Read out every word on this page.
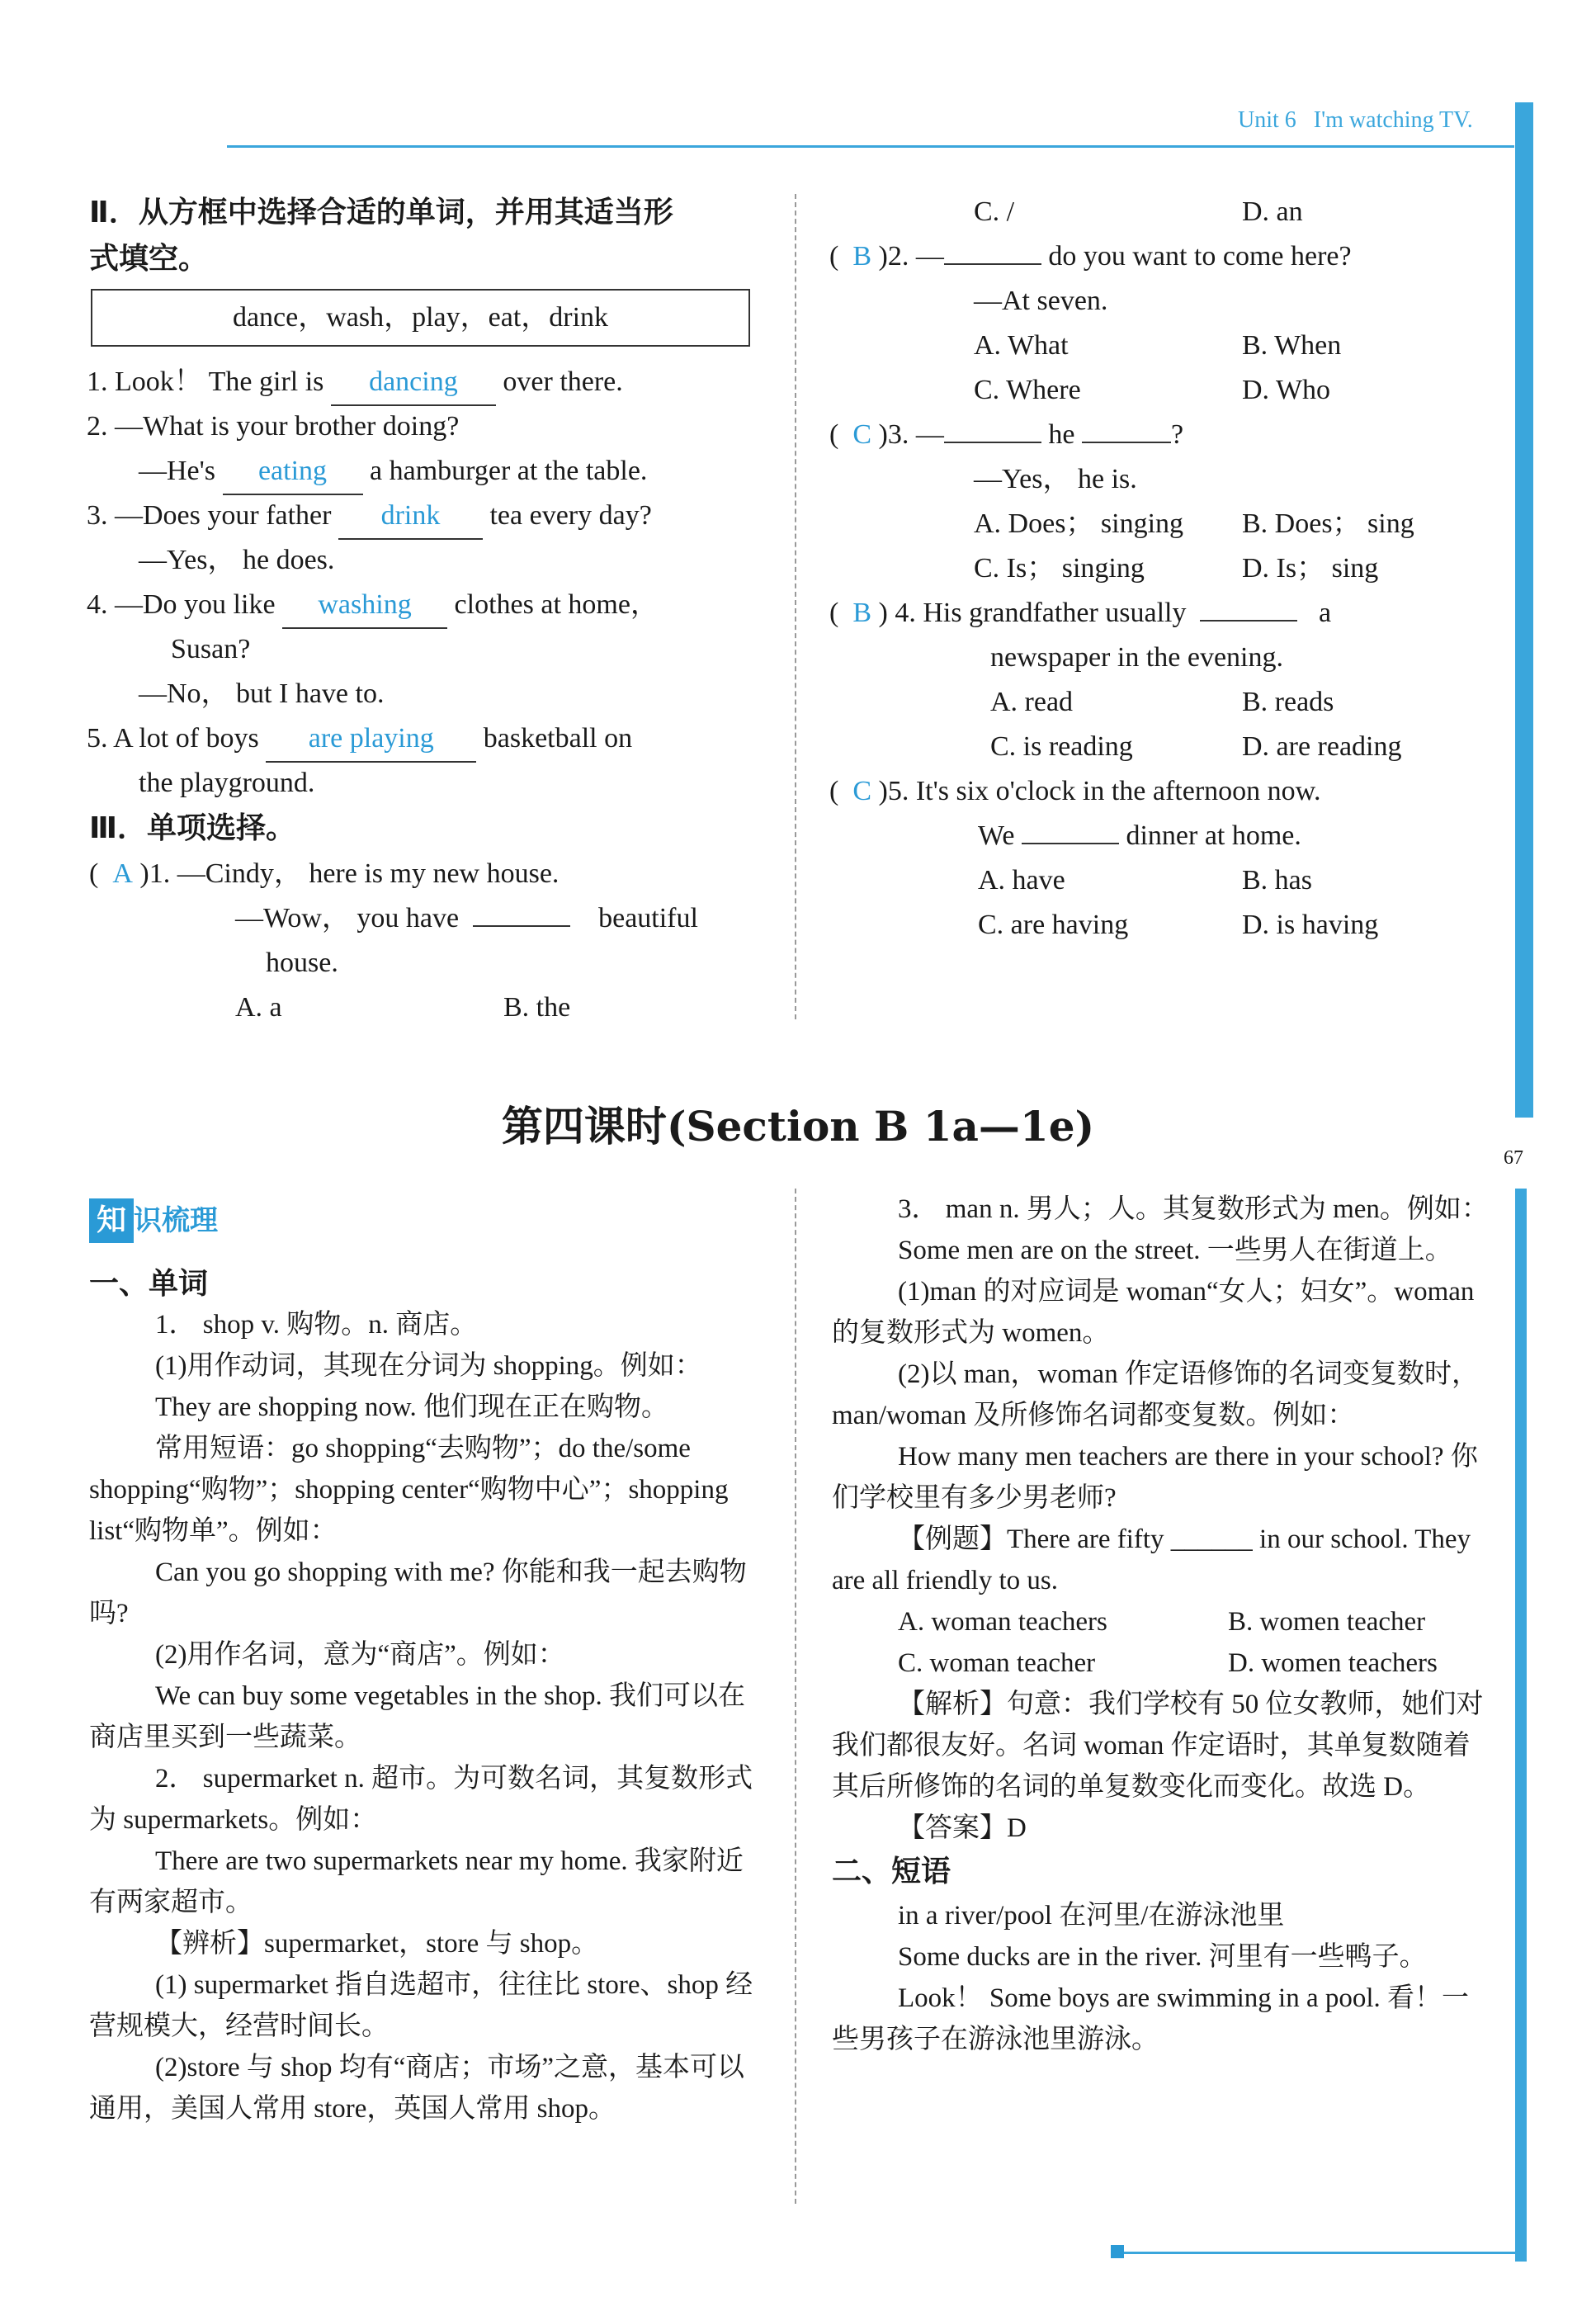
Unit 6 I'm watching TV.
67
Ⅱ．从方框中选择合适的单词，并用其适当形
式填空。
dance，wash，play，eat，drink
1. Look！ The girl is dancing over there.
2. —What is your brother doing?
—He's eating a hamburger at the table.
3. —Does your father drink tea every day?
—Yes， he does.
4. —Do you like washing clothes at home，
Susan?
—No， but I have to.
5. A lot of boys are playing basketball on
the playground.
Ⅲ．单项选择。
( A )1. —Cindy， here is my new house.
—Wow， you have	beautiful
house.
A. a	B. the
C. /	D. an
( B )2. —	do you want to come here?
—At seven.
A. What	B. When
C. Where	D. Who
( C )3. —	he	?
—Yes， he is.
A. Does； singing B. Does； sing
C. Is； singing	D. Is； sing
( B ) 4. His grandfather usually	a
newspaper in the evening.
A. read	B. reads
C. is reading	D. are reading
( C )5. It's six o'clock in the afternoon now.
We	dinner at home.
A. have	B. has
C. are having	D. is having
第四课时(Section B 1a—1e)
知 识梳理
一、单词
1． shop v. 购物。n. 商店。
(1)用作动词，其现在分词为 shopping。例如：
They are shopping now. 他们现在正在购物。
常用短语：go shopping“去购物”；do the/some shopping“购物”；shopping center“购物中心”；shopping list“购物单”。例如：
Can you go shopping with me? 你能和我一起去购物吗?
(2)用作名词，意为“商店”。例如：
We can buy some vegetables in the shop. 我们可以在商店里买到一些蔬菜。
2． supermarket n. 超市。为可数名词，其复数形式为 supermarkets。例如：
There are two supermarkets near my home. 我家附近有两家超市。
【辨析】supermarket，store 与 shop。
(1) supermarket 指自选超市，往往比 store、shop 经营规模大，经营时间长。
(2)store 与 shop 均有“商店；市场”之意，基本可以通用，美国人常用 store，英国人常用 shop。
3． man n. 男人；人。其复数形式为 men。例如：
Some men are on the street. 一些男人在街道上。
(1)man 的对应词是 woman“女人；妇女”。woman 的复数形式为 women。
(2)以 man，woman 作定语修饰的名词变复数时，man/woman 及所修饰名词都变复数。例如：
How many men teachers are there in your school? 你们学校里有多少男老师?
【例题】There are fifty ______ in our school. They are all friendly to us.
A. woman teachers	B. women teacher
C. woman teacher	D. women teachers
【解析】句意：我们学校有 50 位女教师，她们对我们都很友好。名词 woman 作定语时，其单复数随着其后所修饰的名词的单复数变化而变化。故选 D。
【答案】D
二、短语
in a river/pool 在河里/在游泳池里
Some ducks are in the river. 河里有一些鸭子。
Look！ Some boys are swimming in a pool. 看！一些男孩子在游泳池里游泳。
